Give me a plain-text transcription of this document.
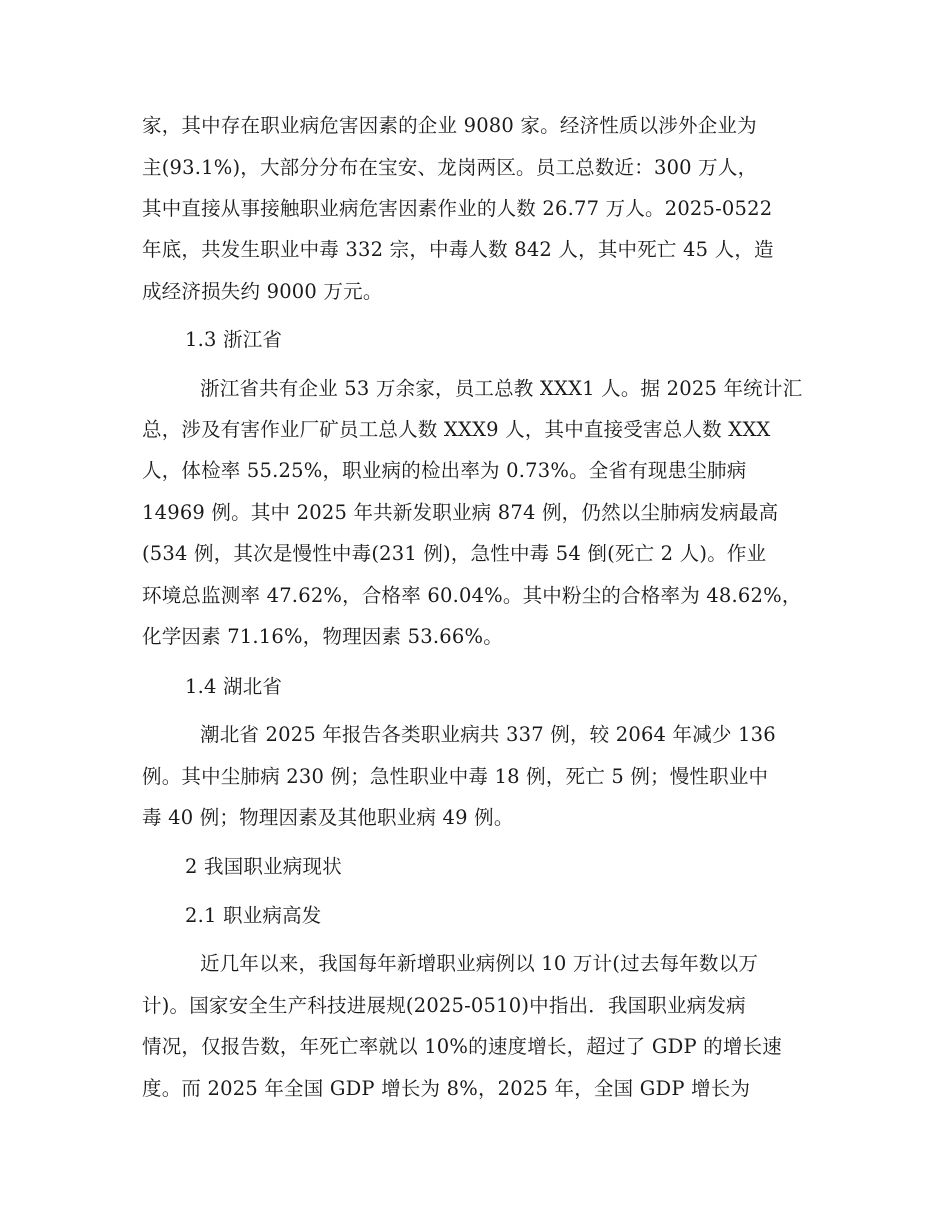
家，其中存在职业病危害因素的企业 9080 家。经济性质以涉外企业为
主(93.1%)，大部分分布在宝安、龙岗两区。员工总数近：300 万人，
其中直接从事接触职业病危害因素作业的人数 26.77 万人。2025-0522
年底，共发生职业中毒 332 宗，中毒人数 842 人，其中死亡 45 人，造
成经济损失约 9000 万元。
1.3 浙江省
浙江省共有企业 53 万余家，员工总教 XXX1 人。据 2025 年统计汇
总，涉及有害作业厂矿员工总人数 XXX9 人，其中直接受害总人数 XXX
人，体检率 55.25%，职业病的检出率为 0.73%。全省有现患尘肺病
14969 例。其中 2025 年共新发职业病 874 例，仍然以尘肺病发病最高
(534 例，其次是慢性中毒(231 例)，急性中毒 54 倒(死亡 2 人)。作业
环境总监测率 47.62%，合格率 60.04%。其中粉尘的合格率为 48.62%，
化学因素 71.16%，物理因素 53.66%。
1.4 湖北省
潮北省 2025 年报告各类职业病共 337 例，较 2064 年减少 136
例。其中尘肺病 230 例；急性职业中毒 18 例，死亡 5 例；慢性职业中
毒 40 例；物理因素及其他职业病 49 例。
2 我国职业病现状
2.1 职业病高发
近几年以来，我国每年新增职业病例以 10 万计(过去每年数以万
计)。国家安全生产科技进展规(2025-0510)中指出．我国职业病发病
情况，仅报告数，年死亡率就以 10%的速度增长，超过了 GDP 的增长速
度。而 2025 年全国 GDP 增长为 8%，2025 年，全国 GDP 增长为
